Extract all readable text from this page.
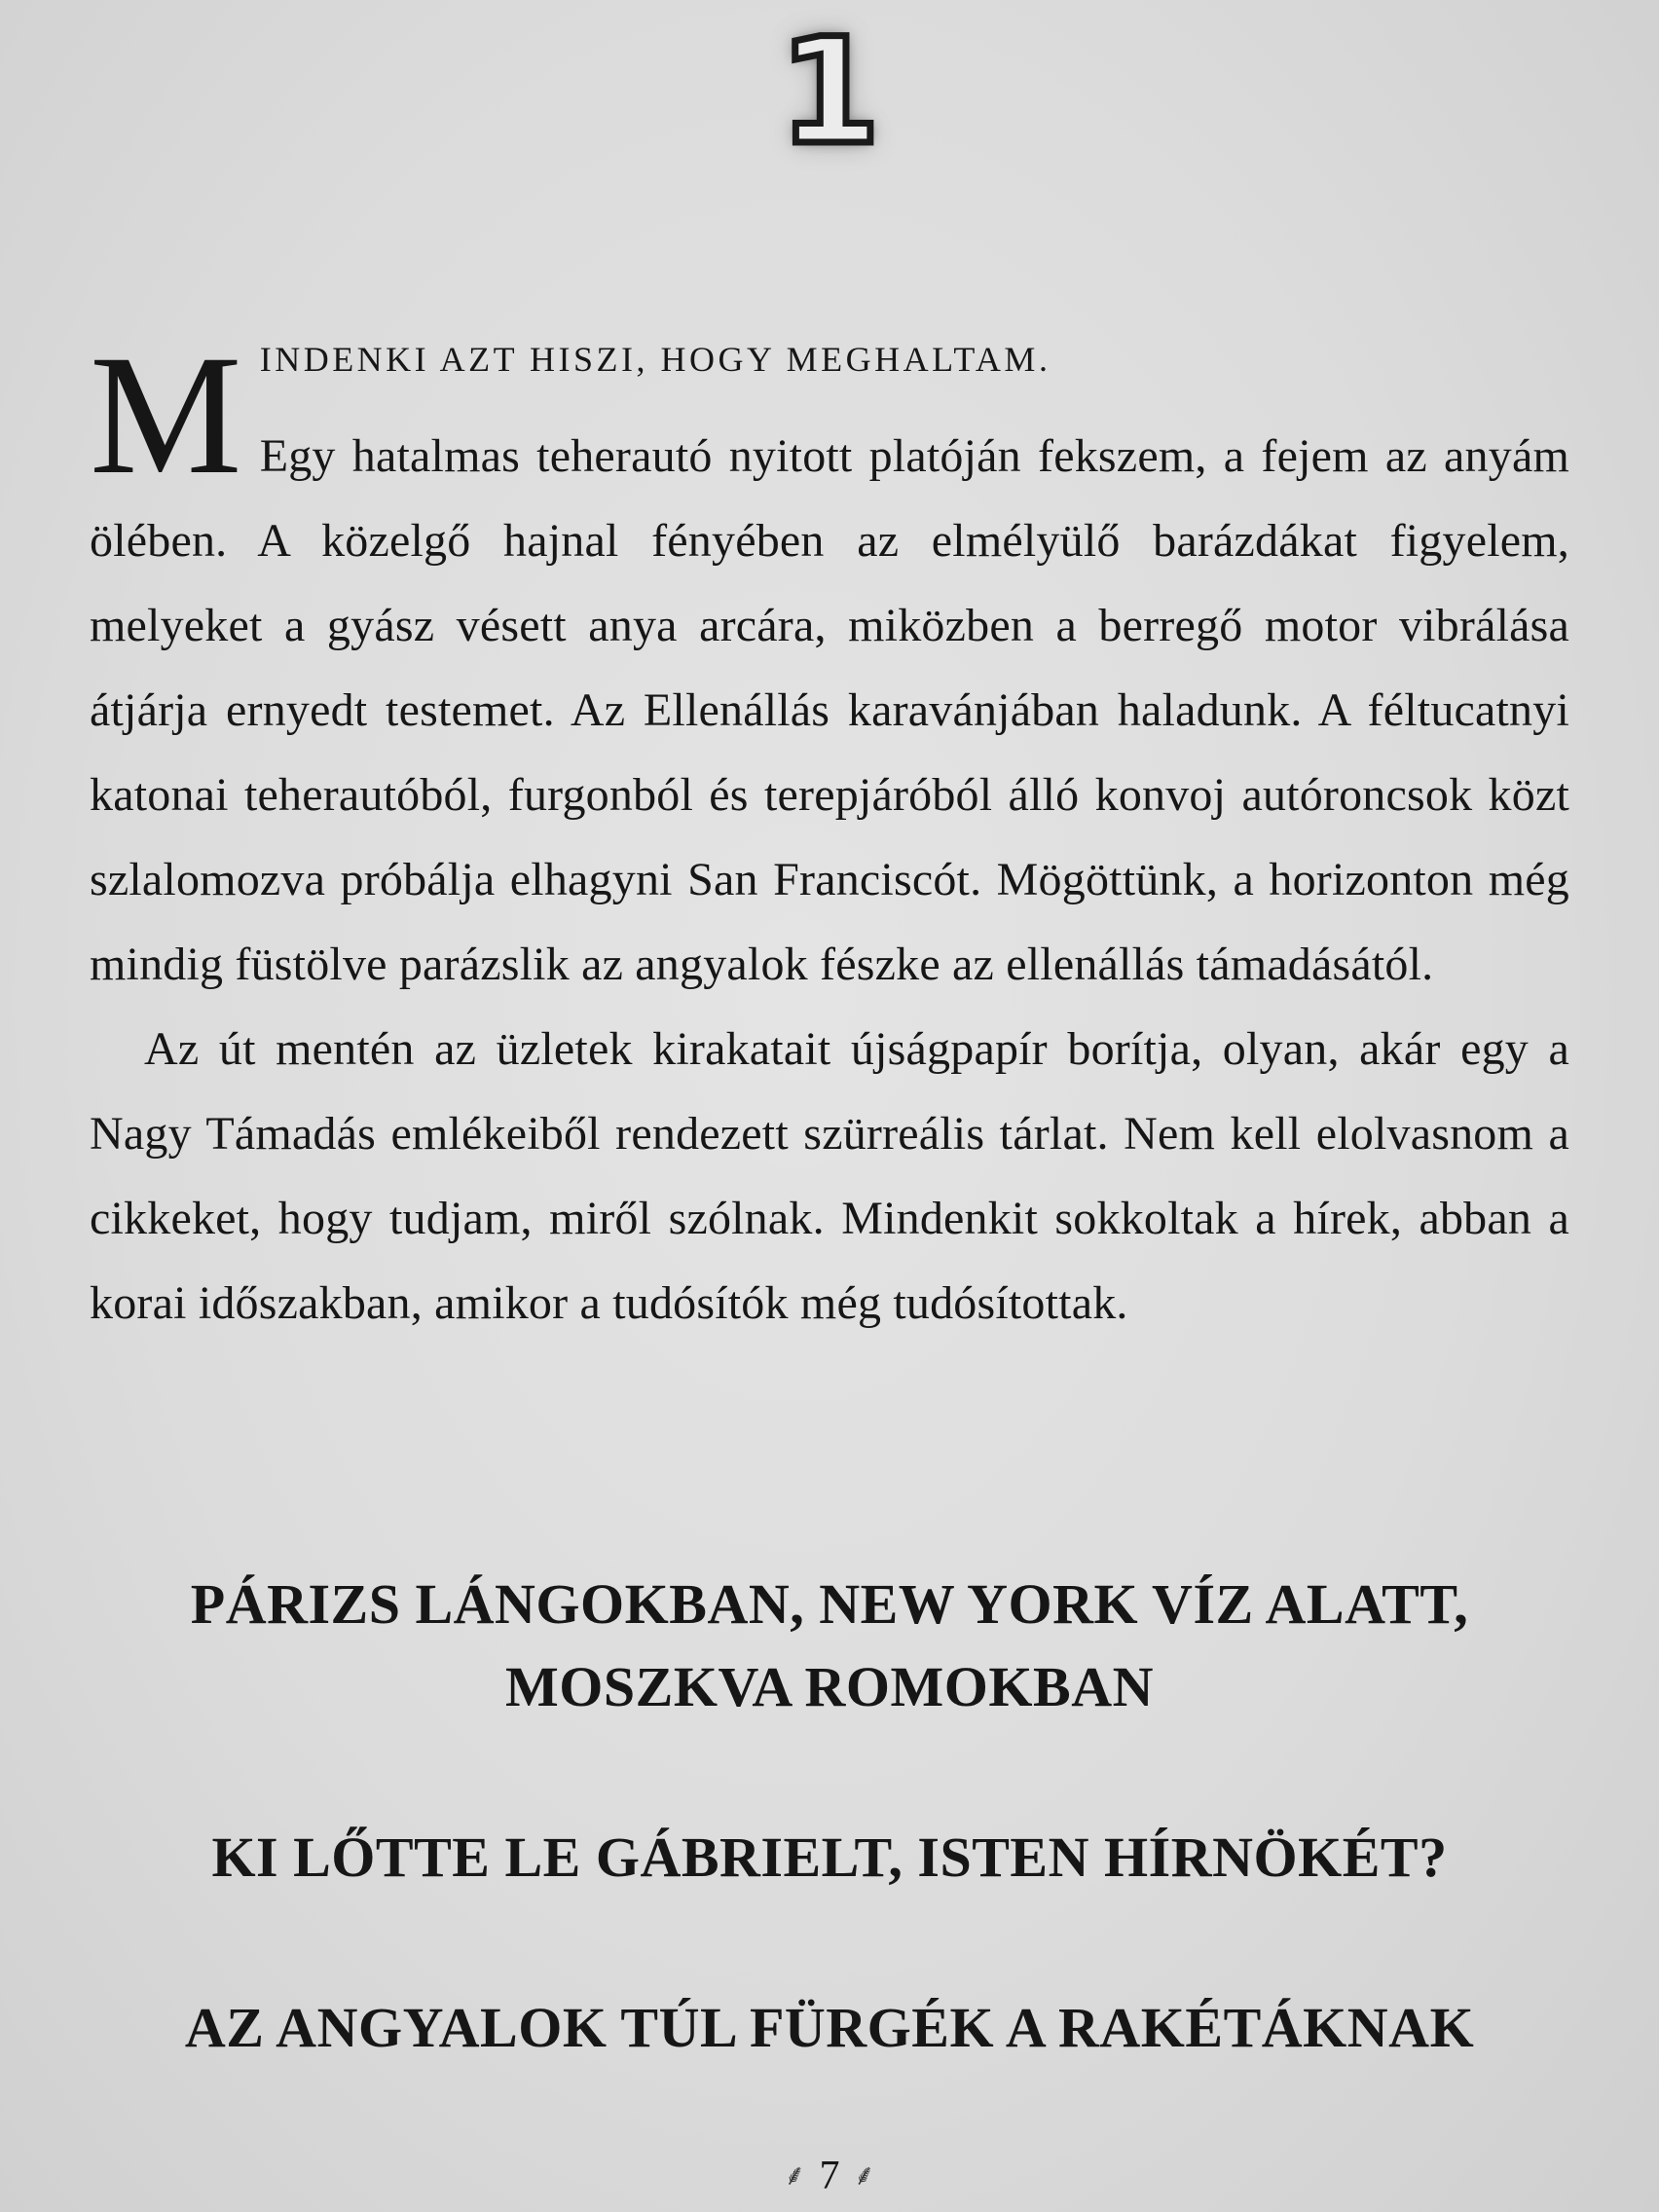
1

M INDENKI AZT HISZI, HOGY MEGHALTAM.
Egy hatalmas teherautó nyitott platóján fekszem, a fejem az anyám ölében. A közelgő hajnal fényében az elmélyülő barázdákat figyelem, melyeket a gyász vésett anya arcára, miközben a berregő motor vibrálása átjárja ernyedt testemet. Az Ellenállás karavánjában haladunk. A féltucatnyi katonai teherautóból, furgonból és terepjáróból álló konvoj autóroncsok közt szlalomozva próbálja elhagyni San Franciscót. Mögöttünk, a horizonton még mindig füstölve parázslik az angyalok fészke az ellenállás támadásától.

Az út mentén az üzletek kirakatait újságpapír borítja, olyan, akár egy a Nagy Támadás emlékeiből rendezett szürreális tárlat. Nem kell elolvasnom a cikkeket, hogy tudjam, miről szólnak. Mindenkit sokkoltak a hírek, abban a korai időszakban, amikor a tudósítók még tudósítottak.

PÁRIZS LÁNGOKBAN, NEW YORK VÍZ ALATT,
MOSZKVA ROMOKBAN

KI LŐTTE LE GÁBRIELT, ISTEN HÍRNÖKÉT?

AZ ANGYALOK TÚL FÜRGÉK A RAKÉTÁKNAK

⸙ 7 ⸙
